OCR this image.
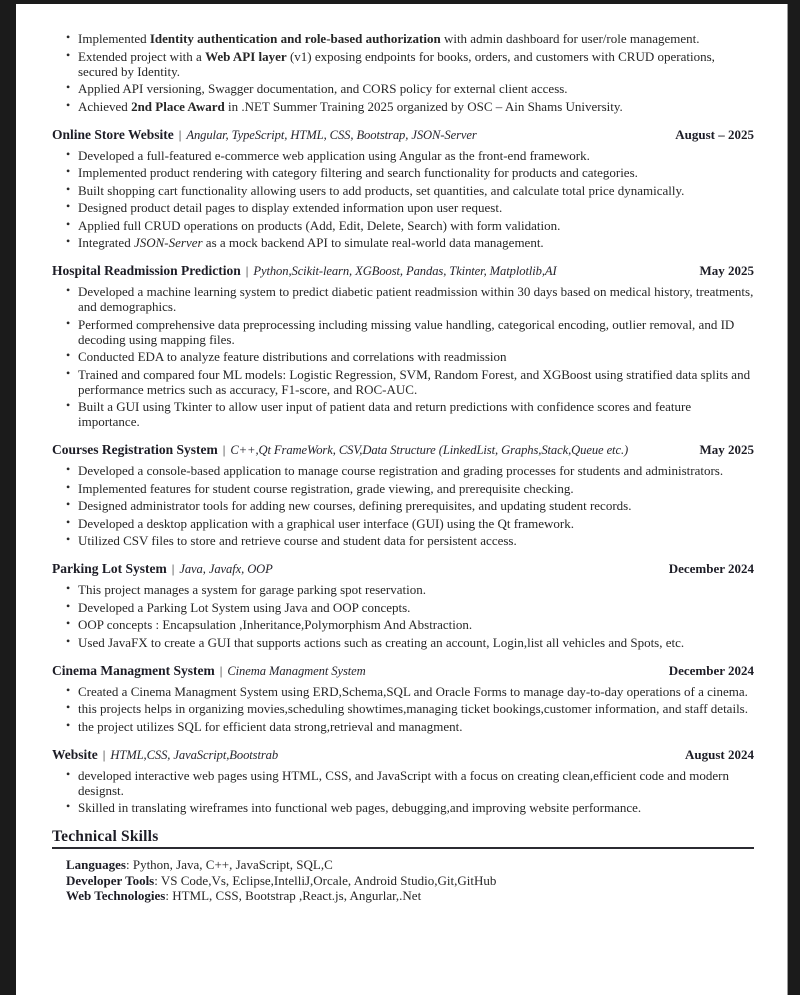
• Implemented Identity authentication and role-based authorization with admin dashboard for user/role management.
• Extended project with a Web API layer (v1) exposing endpoints for books, orders, and customers with CRUD operations, secured by Identity.
• Applied API versioning, Swagger documentation, and CORS policy for external client access.
• Achieved 2nd Place Award in .NET Summer Training 2025 organized by OSC – Ain Shams University.
Online Store Website | Angular, TypeScript, HTML, CSS, Bootstrap, JSON-Server	August – 2025
• Developed a full-featured e-commerce web application using Angular as the front-end framework.
• Implemented product rendering with category filtering and search functionality for products and categories.
• Built shopping cart functionality allowing users to add products, set quantities, and calculate total price dynamically.
• Designed product detail pages to display extended information upon user request.
• Applied full CRUD operations on products (Add, Edit, Delete, Search) with form validation.
• Integrated JSON-Server as a mock backend API to simulate real-world data management.
Hospital Readmission Prediction | Python,Scikit-learn, XGBoost, Pandas, Tkinter, Matplotlib,AI	May 2025
• Developed a machine learning system to predict diabetic patient readmission within 30 days based on medical history, treatments, and demographics.
• Performed comprehensive data preprocessing including missing value handling, categorical encoding, outlier removal, and ID decoding using mapping files.
• Conducted EDA to analyze feature distributions and correlations with readmission
• Trained and compared four ML models: Logistic Regression, SVM, Random Forest, and XGBoost using stratified data splits and performance metrics such as accuracy, F1-score, and ROC-AUC.
• Built a GUI using Tkinter to allow user input of patient data and return predictions with confidence scores and feature importance.
Courses Registration System | C++,Qt FrameWork, CSV,Data Structure (LinkedList, Graphs,Stack,Queue etc.)	May 2025
• Developed a console-based application to manage course registration and grading processes for students and administrators.
• Implemented features for student course registration, grade viewing, and prerequisite checking.
• Designed administrator tools for adding new courses, defining prerequisites, and updating student records.
• Developed a desktop application with a graphical user interface (GUI) using the Qt framework.
• Utilized CSV files to store and retrieve course and student data for persistent access.
Parking Lot System | Java, Javafx, OOP	December 2024
• This project manages a system for garage parking spot reservation.
• Developed a Parking Lot System using Java and OOP concepts.
• OOP concepts : Encapsulation ,Inheritance,Polymorphism And Abstraction.
• Used JavaFX to create a GUI that supports actions such as creating an account, Login,list all vehicles and Spots, etc.
Cinema Managment System | Cinema Managment System	December 2024
• Created a Cinema Managment System using ERD,Schema,SQL and Oracle Forms to manage day-to-day operations of a cinema.
• this projects helps in organizing movies,scheduling showtimes,managing ticket bookings,customer information, and staff details.
• the project utilizes SQL for efficient data strong,retrieval and managment.
Website | HTML,CSS, JavaScript,Bootstrab	August 2024
• developed interactive web pages using HTML, CSS, and JavaScript with a focus on creating clean,efficient code and modern designst.
• Skilled in translating wireframes into functional web pages, debugging,and improving website performance.
Technical Skills
Languages: Python, Java, C++, JavaScript, SQL,C
Developer Tools: VS Code,Vs, Eclipse,IntelliJ,Orcale, Android Studio,Git,GitHub
Web Technologies: HTML, CSS, Bootstrap ,React.js, Angurlar,.Net
